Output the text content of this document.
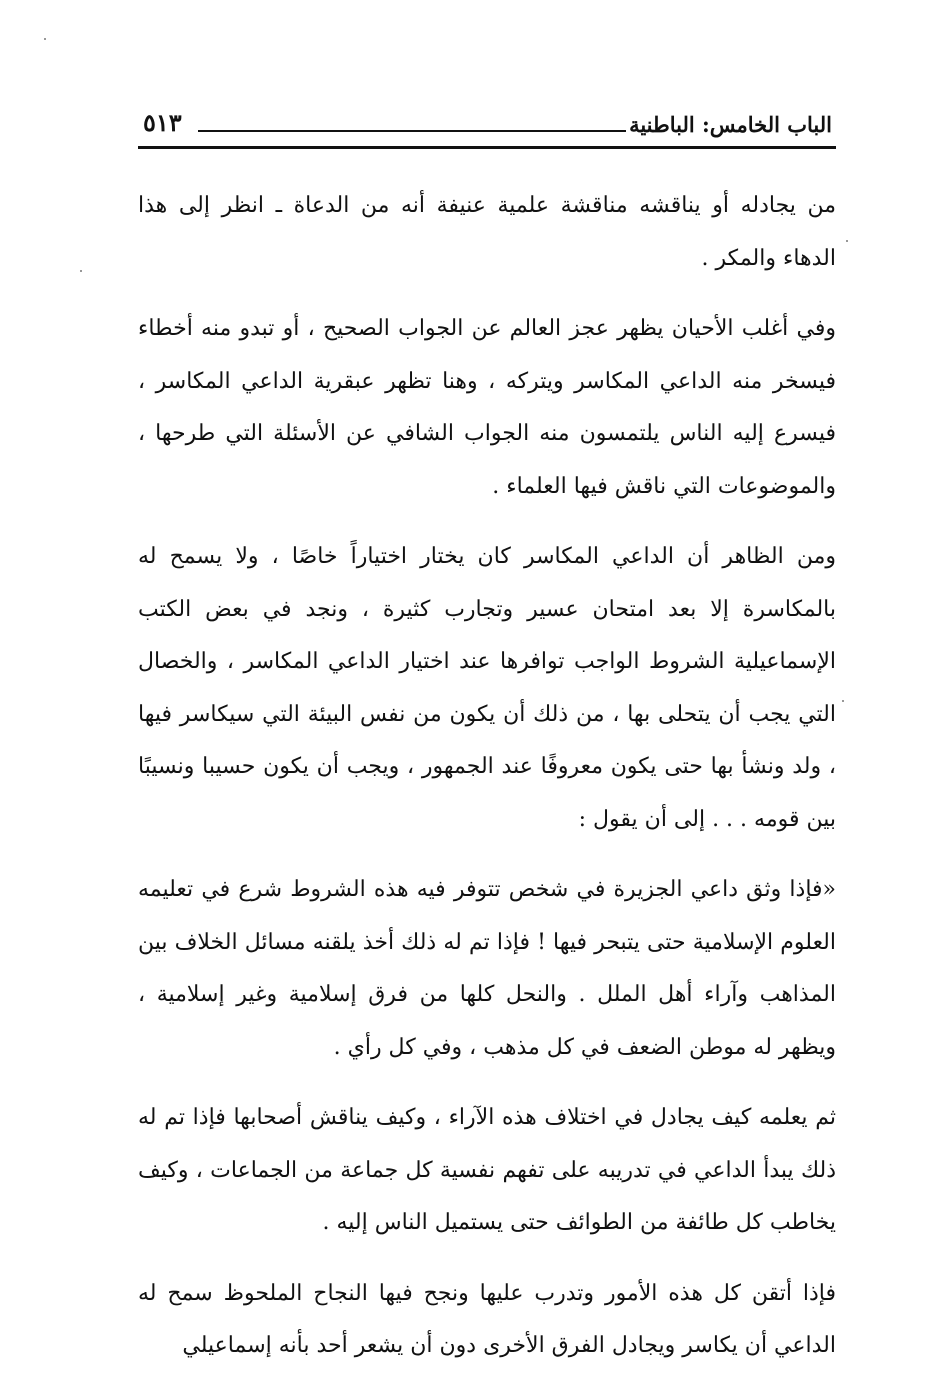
الباب الخامس: الباطنية
٥١٣

من يجادله أو يناقشه مناقشة علمية عنيفة أنه من الدعاة ـ انظر إلى هذا الدهاء والمكر .

وفي أغلب الأحيان يظهر عجز العالم عن الجواب الصحيح ، أو تبدو منه أخطاء فيسخر منه الداعي المكاسر ويتركه ، وهنا تظهر عبقرية الداعي المكاسر ، فيسرع إليه الناس يلتمسون منه الجواب الشافي عن الأسئلة التي طرحها ، والموضوعات التي ناقش فيها العلماء .

ومن الظاهر أن الداعي المكاسر كان يختار اختياراً خاصًا ، ولا يسمح له بالمكاسرة إلا بعد امتحان عسير وتجارب كثيرة ، ونجد في بعض الكتب الإسماعيلية الشروط الواجب توافرها عند اختيار الداعي المكاسر ، والخصال التي يجب أن يتحلى بها ، من ذلك أن يكون من نفس البيئة التي سيكاسر فيها ، ولد ونشأ بها حتى يكون معروفًا عند الجمهور ، ويجب أن يكون حسيبا ونسيبًا بين قومه . . . إلى أن يقول :

«فإذا وثق داعي الجزيرة في شخص تتوفر فيه هذه الشروط شرع في تعليمه العلوم الإسلامية حتى يتبحر فيها ! فإذا تم له ذلك أخذ يلقنه مسائل الخلاف بين المذاهب وآراء أهل الملل . والنحل كلها من فرق إسلامية وغير إسلامية ، ويظهر له موطن الضعف في كل مذهب ، وفي كل رأي .

ثم يعلمه كيف يجادل في اختلاف هذه الآراء ، وكيف يناقش أصحابها فإذا تم له ذلك يبدأ الداعي في تدريبه على تفهم نفسية كل جماعة من الجماعات ، وكيف يخاطب كل طائفة من الطوائف حتى يستميل الناس إليه .

فإذا أتقن كل هذه الأمور وتدرب عليها ونجح فيها النجاح الملحوظ سمح له الداعي أن يكاسر ويجادل الفرق الأخرى دون أن يشعر أحد بأنه إسماعيلي
